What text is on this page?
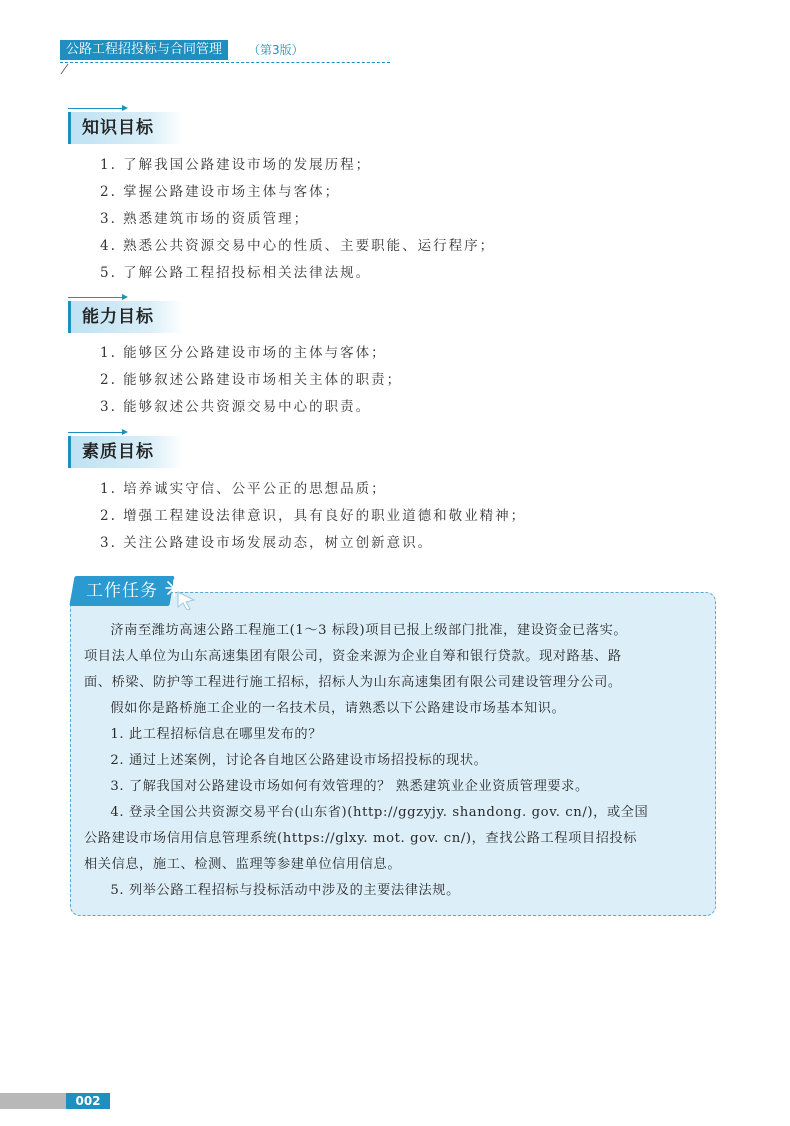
公路工程招投标与合同管理	（第3版）
知识目标
1. 了解我国公路建设市场的发展历程；
2. 掌握公路建设市场主体与客体；
3. 熟悉建筑市场的资质管理；
4. 熟悉公共资源交易中心的性质、主要职能、运行程序；
5. 了解公路工程招投标相关法律法规。
能力目标
1. 能够区分公路建设市场的主体与客体；
2. 能够叙述公路建设市场相关主体的职责；
3. 能够叙述公共资源交易中心的职责。
素质目标
1. 培养诚实守信、公平公正的思想品质；
2. 增强工程建设法律意识，具有良好的职业道德和敬业精神；
3. 关注公路建设市场发展动态，树立创新意识。
工作任务

济南至潍坊高速公路工程施工(1～3 标段)项目已报上级部门批准，建设资金已落实。

项目法人单位为山东高速集团有限公司，资金来源为企业自筹和银行贷款。现对路基、路

面、桥梁、防护等工程进行施工招标，招标人为山东高速集团有限公司建设管理分公司。

假如你是路桥施工企业的一名技术员，请熟悉以下公路建设市场基本知识。

1. 此工程招标信息在哪里发布的？

2. 通过上述案例，讨论各自地区公路建设市场招投标的现状。

3. 了解我国对公路建设市场如何有效管理的？ 熟悉建筑业企业资质管理要求。

4. 登录全国公共资源交易平台(山东省)(http://ggzyjy. shandong. gov. cn/)，或全国

公路建设市场信用信息管理系统(https://glxy. mot. gov. cn/)，查找公路工程项目招投标

相关信息，施工、检测、监理等参建单位信用信息。

5. 列举公路工程招标与投标活动中涉及的主要法律法规。

002
